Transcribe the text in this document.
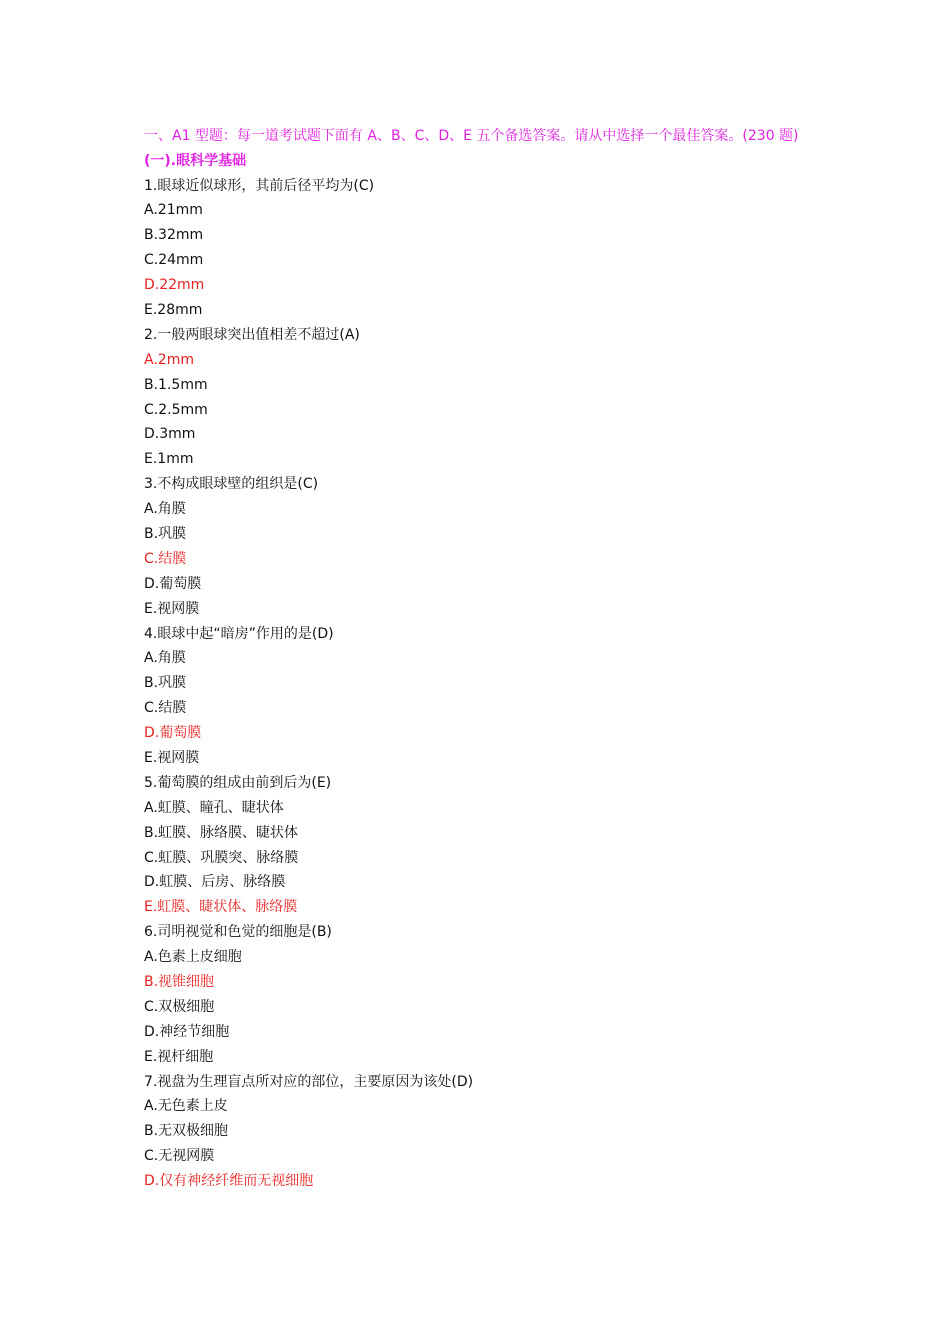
一、A1 型题：每一道考试题下面有 A、B、C、D、E 五个备选答案。请从中选择一个最佳答案。(230 题)

(一).眼科学基础

1.眼球近似球形，其前后径平均为(C)
A.21mm
B.32mm
C.24mm
D.22mm
E.28mm
2.一般两眼球突出值相差不超过(A)
A.2mm
B.1.5mm
C.2.5mm
D.3mm
E.1mm
3.不构成眼球壁的组织是(C)
A.角膜
B.巩膜
C.结膜
D.葡萄膜
E.视网膜
4.眼球中起“暗房”作用的是(D)
A.角膜
B.巩膜
C.结膜
D.葡萄膜
E.视网膜
5.葡萄膜的组成由前到后为(E)
A.虹膜、瞳孔、睫状体
B.虹膜、脉络膜、睫状体
C.虹膜、巩膜突、脉络膜
D.虹膜、后房、脉络膜
E.虹膜、睫状体、脉络膜
6.司明视觉和色觉的细胞是(B)
A.色素上皮细胞
B.视锥细胞
C.双极细胞
D.神经节细胞
E.视杆细胞
7.视盘为生理盲点所对应的部位，主要原因为该处(D)
A.无色素上皮
B.无双极细胞
C.无视网膜
D.仅有神经纤维而无视细胞
